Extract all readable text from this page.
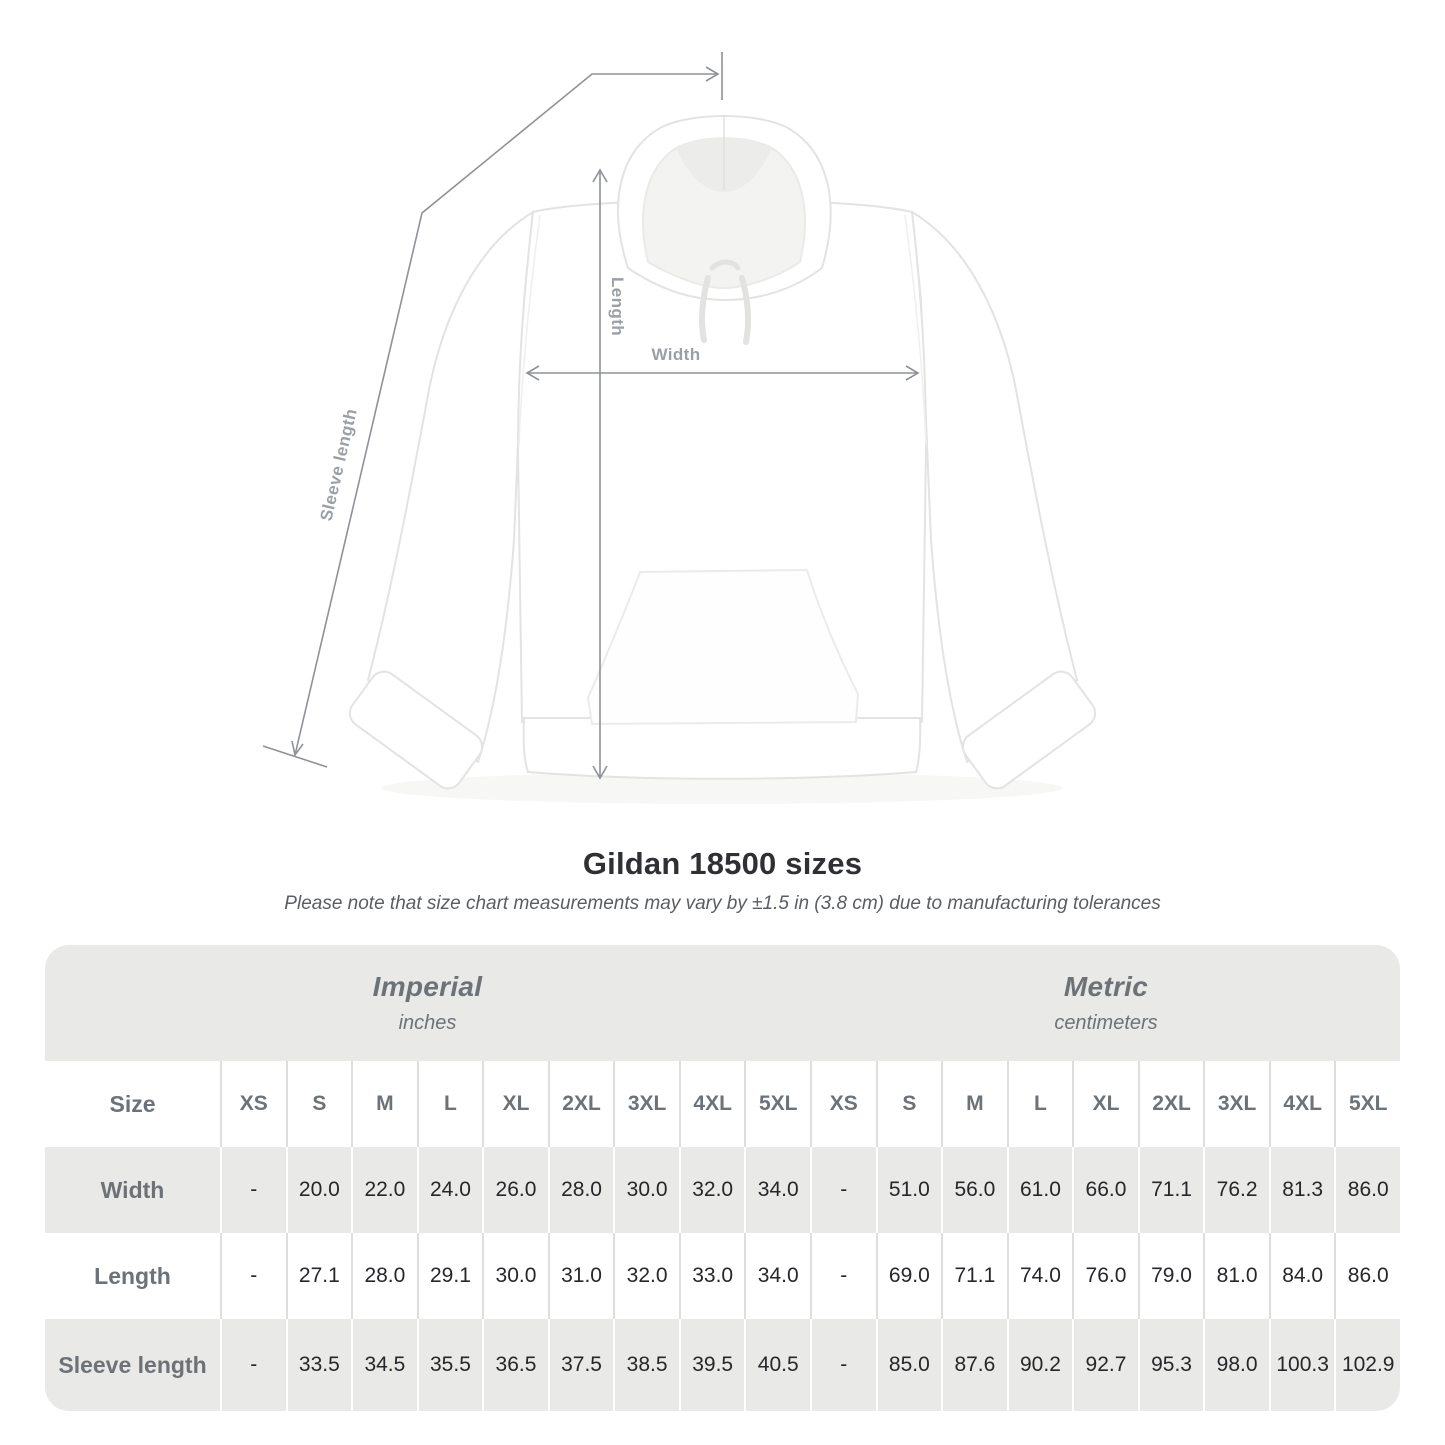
Length
Width
Sleeve length
Gildan 18500 sizes
Please note that size chart measurements may vary by ±1.5 in (3.8 cm) due to manufacturing tolerances
Imperial
inches
Metric
centimeters
Size	XS	S	M	L	XL	2XL	3XL	4XL	5XL	XS	S	M	L	XL	2XL	3XL	4XL	5XL
Width	-	20.0	22.0	24.0	26.0	28.0	30.0	32.0	34.0	-	51.0	56.0	61.0	66.0	71.1	76.2	81.3	86.0
Length	-	27.1	28.0	29.1	30.0	31.0	32.0	33.0	34.0	-	69.0	71.1	74.0	76.0	79.0	81.0	84.0	86.0
Sleeve length	-	33.5	34.5	35.5	36.5	37.5	38.5	39.5	40.5	-	85.0	87.6	90.2	92.7	95.3	98.0 100.3 102.9
